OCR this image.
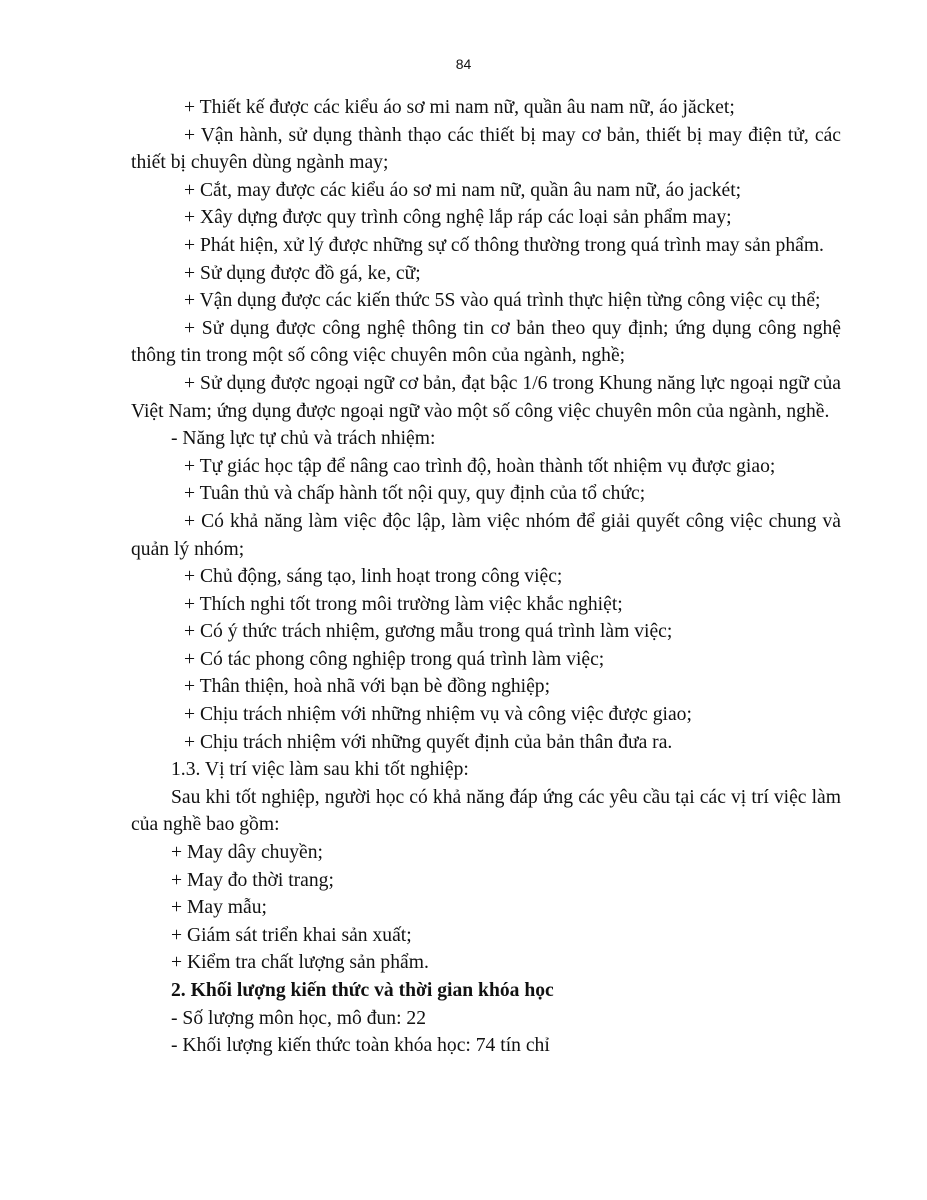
84

+ Thiết kế được các kiểu áo sơ mi nam nữ, quần âu nam nữ, áo jăcket;

+ Vận hành, sử dụng thành thạo các thiết bị may cơ bản, thiết bị may điện tử, các thiết bị chuyên dùng ngành may;

+ Cắt, may được các kiểu áo sơ mi nam nữ, quần âu nam nữ, áo jackét;

+ Xây dựng được quy trình công nghệ lắp ráp các loại sản phẩm may;

+ Phát hiện, xử lý được những sự cố thông thường trong quá trình may sản phẩm.

+ Sử dụng được đồ gá, ke, cữ;

+ Vận dụng được các kiến thức 5S vào quá trình thực hiện từng công việc cụ thể;

+ Sử dụng được công nghệ thông tin cơ bản theo quy định; ứng dụng công nghệ thông tin trong một số công việc chuyên môn của ngành, nghề;

+ Sử dụng được ngoại ngữ cơ bản, đạt bậc 1/6 trong Khung năng lực ngoại ngữ của Việt Nam; ứng dụng được ngoại ngữ vào một số công việc chuyên môn của ngành, nghề.

- Năng lực tự chủ và trách nhiệm:

+ Tự giác học tập để nâng cao trình độ, hoàn thành tốt nhiệm vụ được giao;

+ Tuân thủ và chấp hành tốt nội quy, quy định của tổ chức;

+ Có khả năng làm việc độc lập, làm việc nhóm để giải quyết công việc chung và quản lý nhóm;

+ Chủ động, sáng tạo, linh hoạt trong công việc;

+ Thích nghi tốt trong môi trường làm việc khắc nghiệt;

+ Có ý thức trách nhiệm, gương mẫu trong quá trình làm việc;

+ Có tác phong công nghiệp trong quá trình làm việc;

+ Thân thiện, hoà nhã với bạn bè đồng nghiệp;

+ Chịu trách nhiệm với những nhiệm vụ và công việc được giao;

+ Chịu trách nhiệm với những quyết định của bản thân đưa ra.

1.3. Vị trí việc làm sau khi tốt nghiệp:

Sau khi tốt nghiệp, người học có khả năng đáp ứng các yêu cầu tại các vị trí việc làm của nghề bao gồm:

+ May dây chuyền;

+ May đo thời trang;

+ May mẫu;

+ Giám sát triển khai sản xuất;

+ Kiểm tra chất lượng sản phẩm.

2. Khối lượng kiến thức và thời gian khóa học

- Số lượng môn học, mô đun: 22

- Khối lượng kiến thức toàn khóa học: 74 tín chỉ
